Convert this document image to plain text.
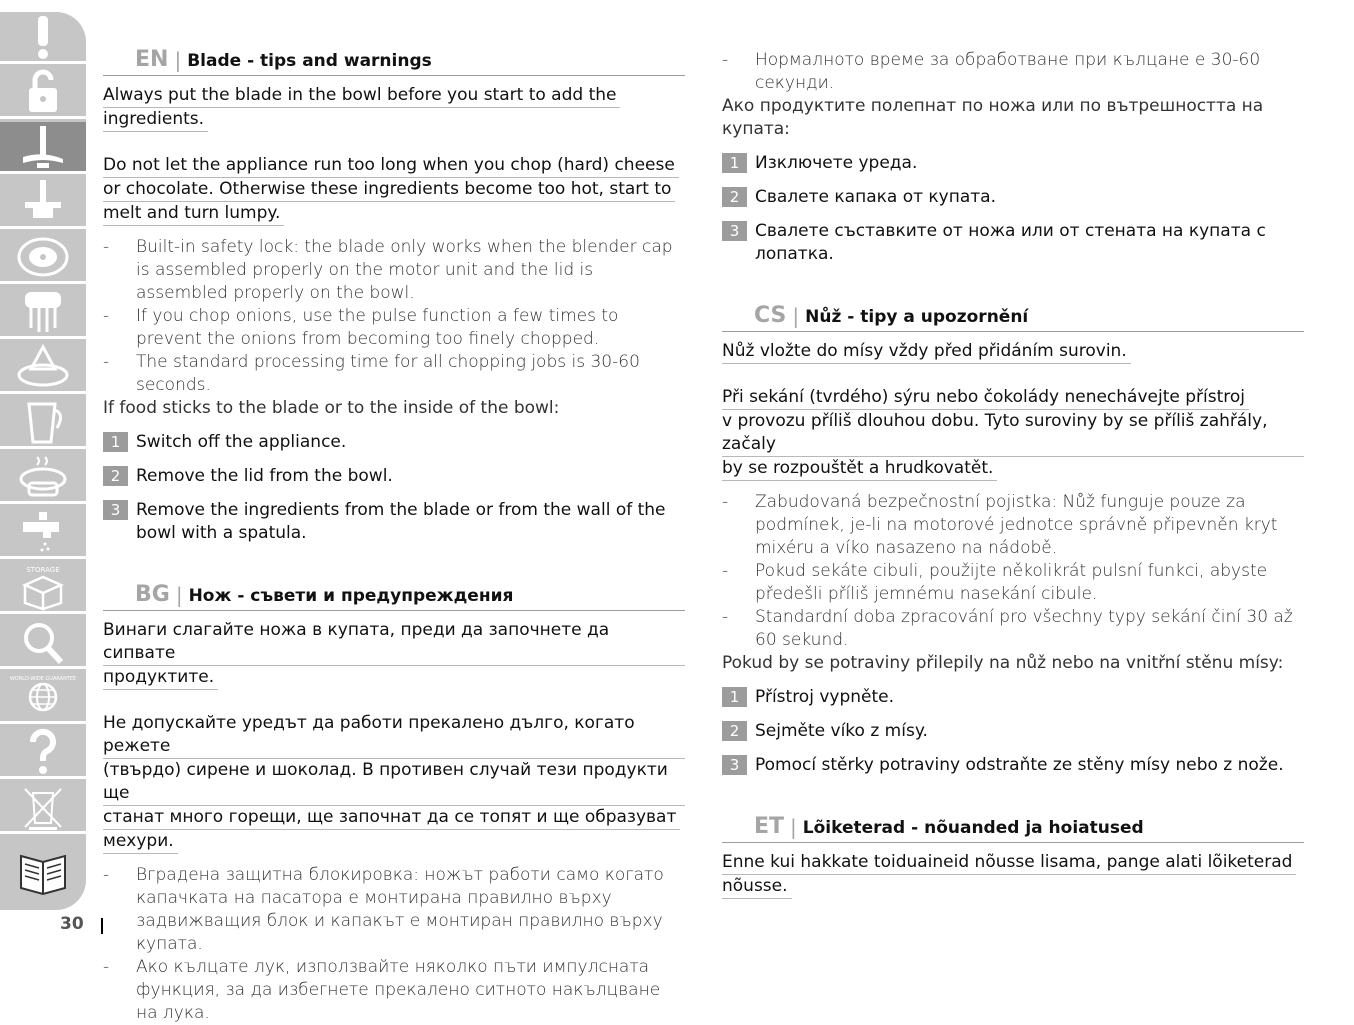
STORAGE
WORLD-WIDE GUARANTEE
30
EN | Blade - tips and warnings
Always put the blade in the bowl before you start to add the
ingredients.
Do not let the appliance run too long when you chop (hard) cheese
or chocolate. Otherwise these ingredients become too hot, start to
melt and turn lumpy.
- Built-in safety lock: the blade only works when the blender cap is assembled properly on the motor unit and the lid is assembled properly on the bowl.
- If you chop onions, use the pulse function a few times to prevent the onions from becoming too finely chopped.
- The standard processing time for all chopping jobs is 30-60 seconds.
If food sticks to the blade or to the inside of the bowl:
1 Switch off the appliance.
2 Remove the lid from the bowl.
3 Remove the ingredients from the blade or from the wall of the bowl with a spatula.
BG | Нож - съвети и предупреждения
Винаги слагайте ножа в купата, преди да започнете да сипвате
продуктите.
Не допускайте уредът да работи прекалено дълго, когато режете
(твърдо) сирене и шоколад. В противен случай тези продукти ще
станат много горещи, ще започнат да се топят и ще образуват
мехури.
- Вградена защитна блокировка: ножът работи само когато капачката на пасатора е монтирана правилно върху задвижващия блок и капакът е монтиран правилно върху купата.
- Ако кълцате лук, използвайте няколко пъти импулсната функция, за да избегнете прекалено ситното накълцване на лука.
- Нормалното време за обработване при кълцане е 30-60 секунди.
Ако продуктите полепнат по ножа или по вътрешността на купата:
1 Изключете уреда.
2 Свалете капака от купата.
3 Свалете съставките от ножа или от стената на купата с лопатка.
CS | Nůž - tipy a upozornění
Nůž vložte do mísy vždy před přidáním surovin.
Při sekání (tvrdého) sýru nebo čokolády nenechávejte přístroj
v provozu příliš dlouhou dobu. Tyto suroviny by se příliš zahřály, začaly
by se rozpouštět a hrudkovatět.
- Zabudovaná bezpečnostní pojistka: Nůž funguje pouze za podmínek, je-li na motorové jednotce správně připevněn kryt mixéru a víko nasazeno na nádobě.
- Pokud sekáte cibuli, použijte několikrát pulsní funkci, abyste předešli příliš jemnému nasekání cibule.
- Standardní doba zpracování pro všechny typy sekání činí 30 až 60 sekund.
Pokud by se potraviny přilepily na nůž nebo na vnitřní stěnu mísy:
1 Přístroj vypněte.
2 Sejměte víko z mísy.
3 Pomocí stěrky potraviny odstraňte ze stěny mísy nebo z nože.
ET | Lõiketerad - nõuanded ja hoiatused
Enne kui hakkate toiduaineid nõusse lisama, pange alati lõiketerad
nõusse.
